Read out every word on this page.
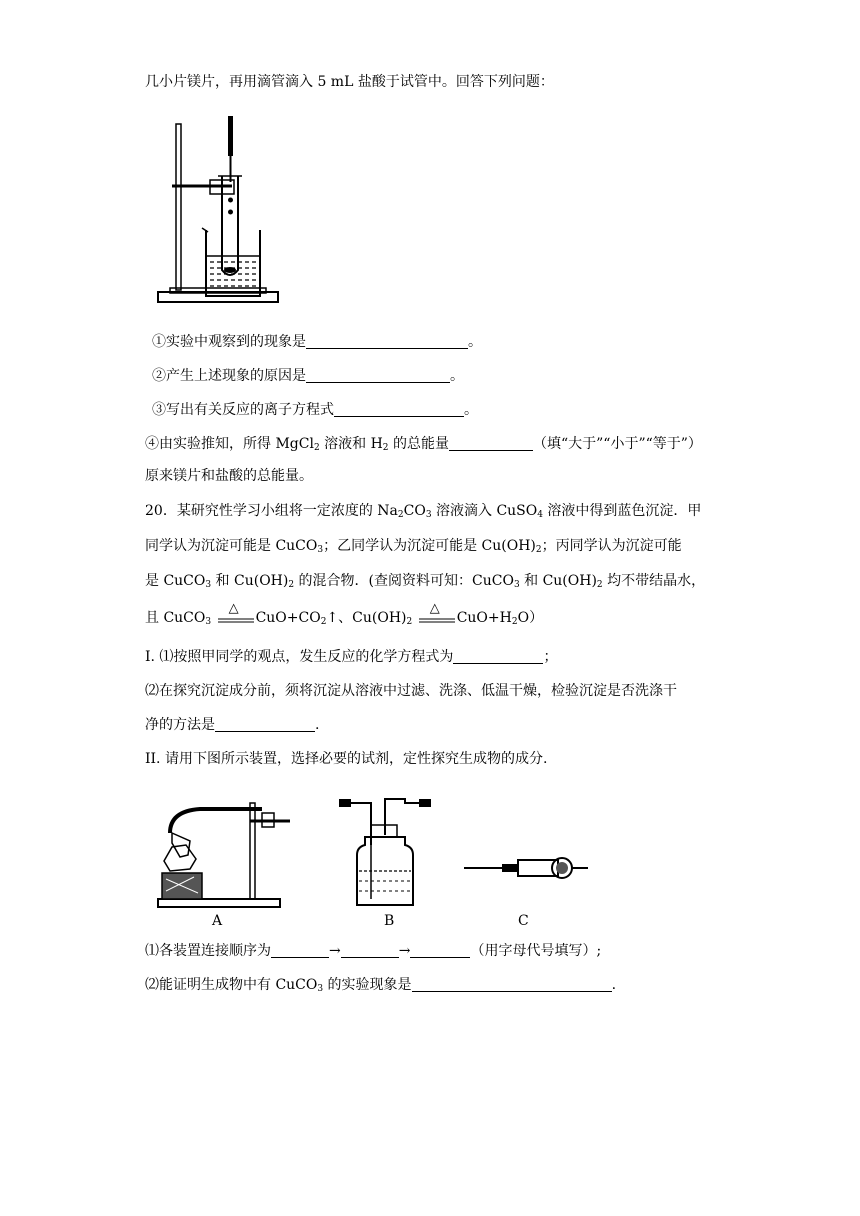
几小片镁片，再用滴管滴入 5 mL 盐酸于试管中。回答下列问题：
①实验中观察到的现象是	。
②产生上述现象的原因是	。
③写出有关反应的离子方程式	。
④由实验推知，所得 MgCl$_2$ 溶液和 $H_2$ 的总能量	（填“大于”“小于”“等于”）
原来镁片和盐酸的总能量。
20．某研究性学习小组将一定浓度的 $Na_2CO_3$ 溶液滴入 CuSO$_4$ 溶液中得到蓝色沉淀．甲
同学认为沉淀可能是 CuCO$_3$；乙同学认为沉淀可能是 $Cu(OH)_2$；丙同学认为沉淀可能
是 CuCO$_3$ 和 $Cu(OH)_2$ 的混合物．(查阅资料可知：CuCO$_3$ 和 $Cu(OH)_2$ 均不带结晶水，
且 CuCO$_3$
△
$CuO+CO_2↑$、$Cu(OH)_2$
△
$CuO+H_2O$）
I. ⑴按照甲同学的观点，发生反应的化学方程式为	；
⑵在探究沉淀成分前，须将沉淀从溶液中过滤、洗涤、低温干燥，检验沉淀是否洗涤干
净的方法是	.
II. 请用下图所示装置，选择必要的试剂，定性探究生成物的成分.
A	B	C
⑴各装置连接顺序为	→	→	（用字母代号填写）;
⑵能证明生成物中有 CuCO$_3$ 的实验现象是	.
